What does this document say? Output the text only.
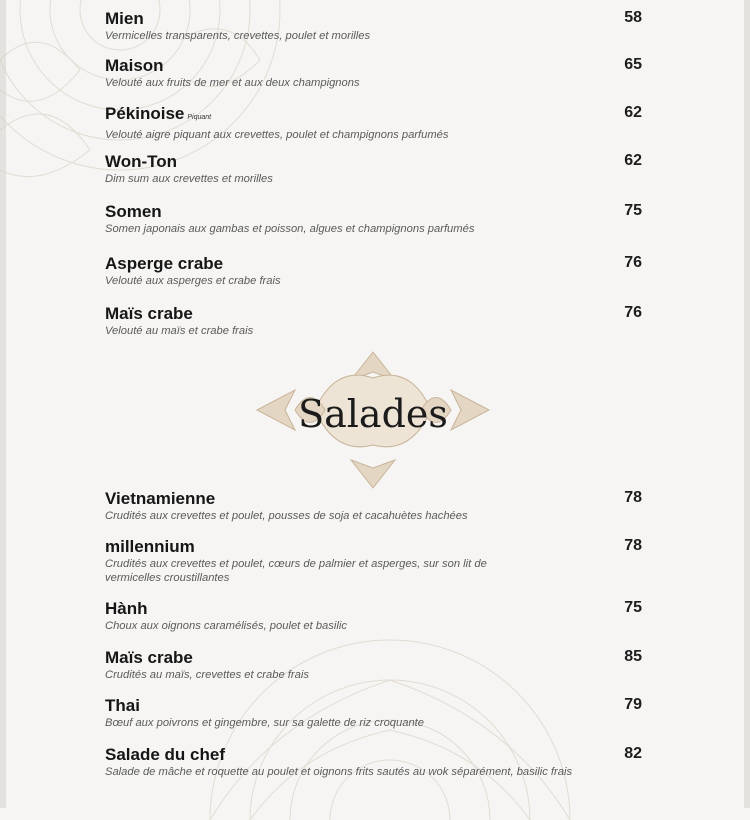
Mien
Vermicelles transparents, crevettes, poulet et morilles
58
Maison
Velouté aux fruits de mer et aux deux champignons
65
Pékinoise Piquant
Velouté aigre piquant aux crevettes, poulet et champignons parfumés
62
Won-Ton
Dim sum aux crevettes et morilles
62
Somen
Somen japonais aux gambas et poisson, algues et champignons parfumés
75
Asperge crabe
Velouté aux asperges et crabe frais
76
Maïs crabe
Velouté au maïs et crabe frais
76
Salades
Vietnamienne
Crudités aux crevettes et poulet, pousses de soja et cacahuètes hachées
78
millennium
Crudités aux crevettes et poulet, cœurs de palmier et asperges, sur son lit de vermicelles croustillantes
78
Hành
Choux aux oignons caramélisés, poulet et basilic
75
Maïs crabe
Crudités au maïs, crevettes et crabe frais
85
Thai
Bœuf aux poivrons et gingembre, sur sa galette de riz croquante
79
Salade du chef
Salade de mâche et roquette au poulet et oignons frits sautés au wok séparément, basilic frais
82
